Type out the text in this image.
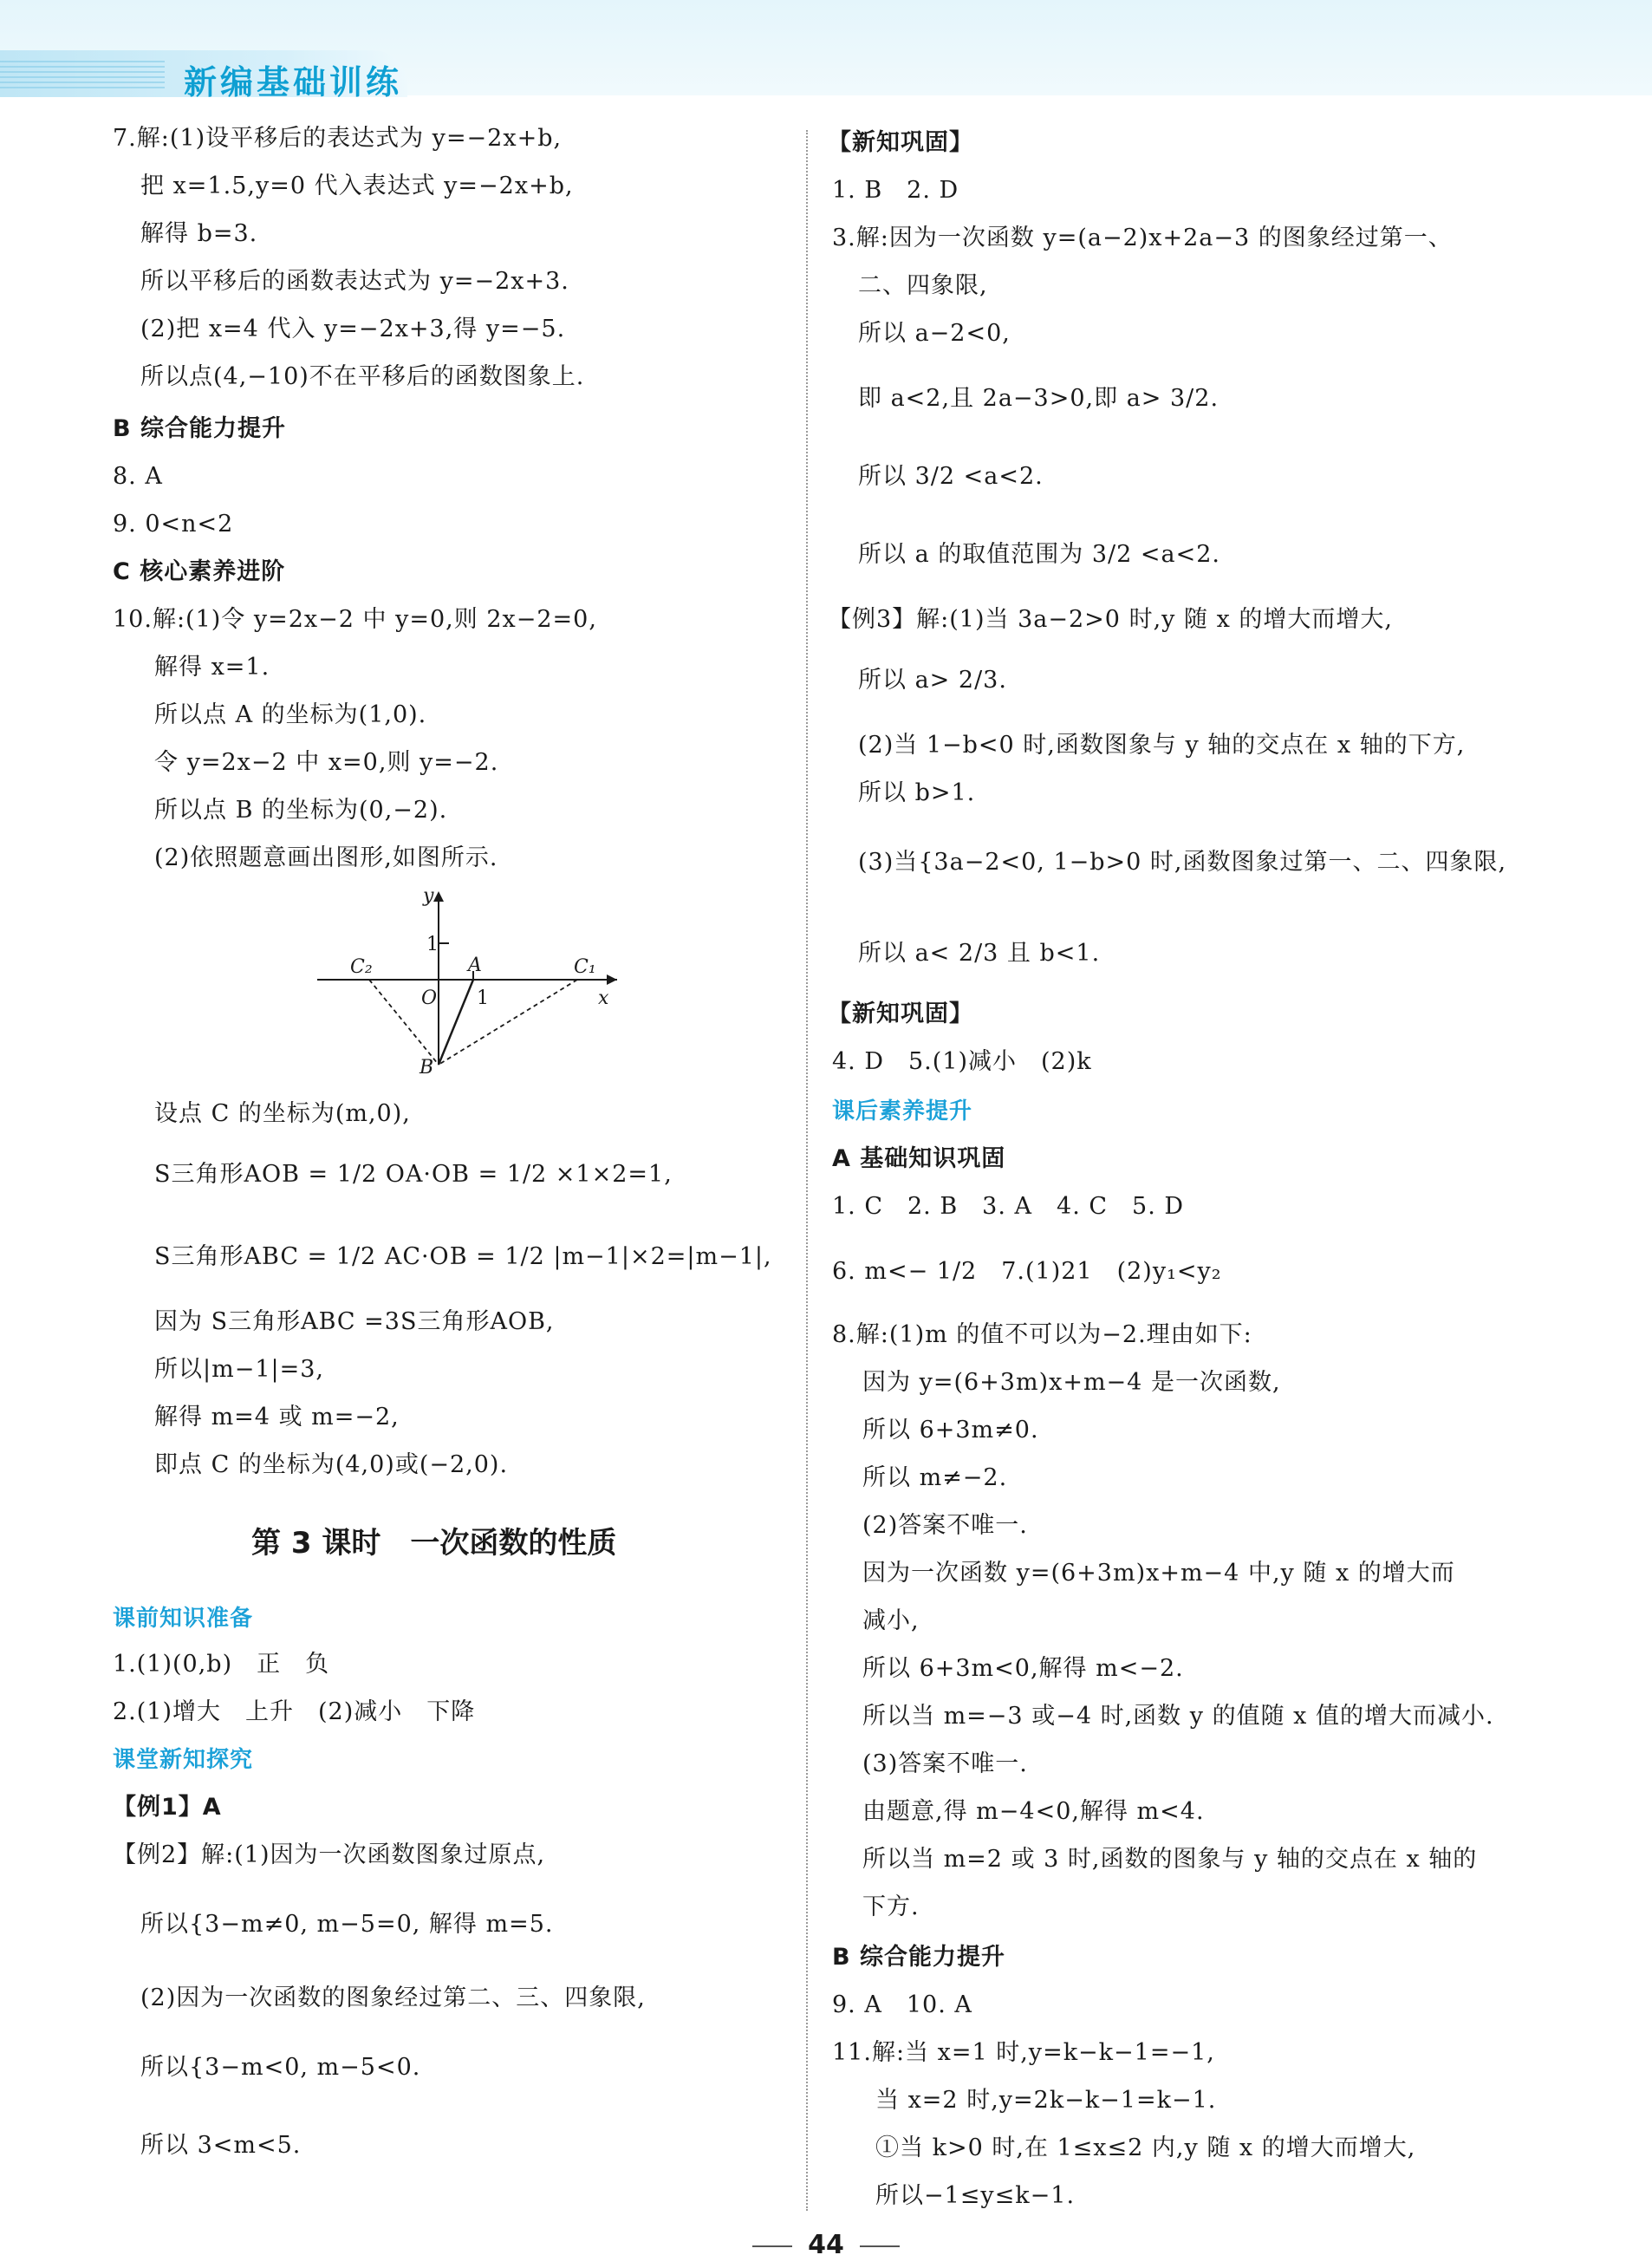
新编基础训练
7.解:(1)设平移后的表达式为 y=−2x+b,
把 x=1.5,y=0 代入表达式 y=−2x+b,
解得 b=3.
所以平移后的函数表达式为 y=−2x+3.
(2)把 x=4 代入 y=−2x+3,得 y=−5.
所以点(4,−10)不在平移后的函数图象上.
B 综合能力提升
8. A
9. 0<n<2
C 核心素养进阶
10.解:(1)令 y=2x−2 中 y=0,则 2x−2=0,
解得 x=1.
所以点 A 的坐标为(1,0).
令 y=2x−2 中 x=0,则 y=−2.
所以点 B 的坐标为(0,−2).
(2)依照题意画出图形,如图所示.
y
1
O
A
1
B
C₂	C₁
x
设点 C 的坐标为(m,0),
S三角形AOB = 1/2 OA·OB = 1/2 ×1×2=1,
S三角形ABC = 1/2 AC·OB = 1/2 |m−1|×2=|m−1|,
因为 S三角形ABC =3S三角形AOB,
所以|m−1|=3,
解得 m=4 或 m=−2,
即点 C 的坐标为(4,0)或(−2,0).
第 3 课时　一次函数的性质
课前知识准备
1.(1)(0,b)　正　负
2.(1)增大　上升　(2)减小　下降
课堂新知探究
【例1】A
【例2】解:(1)因为一次函数图象过原点,
所以{3−m≠0, m−5=0, 解得 m=5.
(2)因为一次函数的图象经过第二、三、四象限,
所以{3−m<0, m−5<0.
所以 3<m<5.
【新知巩固】
1. B　2. D
3.解:因为一次函数 y=(a−2)x+2a−3 的图象经过第一、
二、四象限,
所以 a−2<0,
即 a<2,且 2a−3>0,即 a> 3/2.
所以 3/2 <a<2.
所以 a 的取值范围为 3/2 <a<2.
【例3】解:(1)当 3a−2>0 时,y 随 x 的增大而增大,
所以 a> 2/3.
(2)当 1−b<0 时,函数图象与 y 轴的交点在 x 轴的下方,
所以 b>1.
(3)当{3a−2<0, 1−b>0 时,函数图象过第一、二、四象限,
所以 a< 2/3 且 b<1.
【新知巩固】
4. D　5.(1)减小　(2)k
课后素养提升
A 基础知识巩固
1. C　2. B　3. A　4. C　5. D
6. m<− 1/2　7.(1)21　(2)y₁<y₂
8.解:(1)m 的值不可以为−2.理由如下:
因为 y=(6+3m)x+m−4 是一次函数,
所以 6+3m≠0.
所以 m≠−2.
(2)答案不唯一.
因为一次函数 y=(6+3m)x+m−4 中,y 随 x 的增大而
减小,
所以 6+3m<0,解得 m<−2.
所以当 m=−3 或−4 时,函数 y 的值随 x 值的增大而减小.
(3)答案不唯一.
由题意,得 m−4<0,解得 m<4.
所以当 m=2 或 3 时,函数的图象与 y 轴的交点在 x 轴的
下方.
B 综合能力提升
9. A　10. A
11.解:当 x=1 时,y=k−k−1=−1,
当 x=2 时,y=2k−k−1=k−1.
①当 k>0 时,在 1≤x≤2 内,y 随 x 的增大而增大,
所以−1≤y≤k−1.
44
